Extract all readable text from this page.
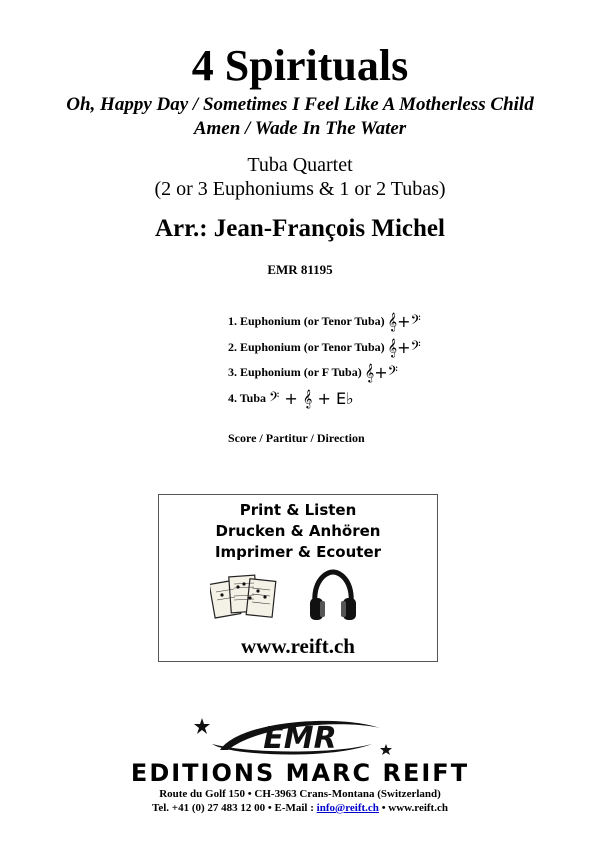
4 Spirituals
Oh, Happy Day / Sometimes I Feel Like A Motherless Child
Amen / Wade In The Water
Tuba Quartet
(2 or 3 Euphoniums & 1 or 2 Tubas)
Arr.: Jean-François Michel
EMR 81195
1. Euphonium (or Tenor Tuba) 𝄞+𝄢
2. Euphonium (or Tenor Tuba) 𝄞+𝄢
3. Euphonium (or F Tuba) 𝄞+𝄢
4. Tuba 𝄢 + 𝄞 + E♭
Score / Partitur / Direction
Print & Listen
Drucken & Anhören
Imprimer & Ecouter
www.reift.ch
EMR
EDITIONS MARC REIFT
Route du Golf 150 • CH-3963 Crans-Montana (Switzerland)
Tel. +41 (0) 27 483 12 00 • E-Mail : info@reift.ch • www.reift.ch
